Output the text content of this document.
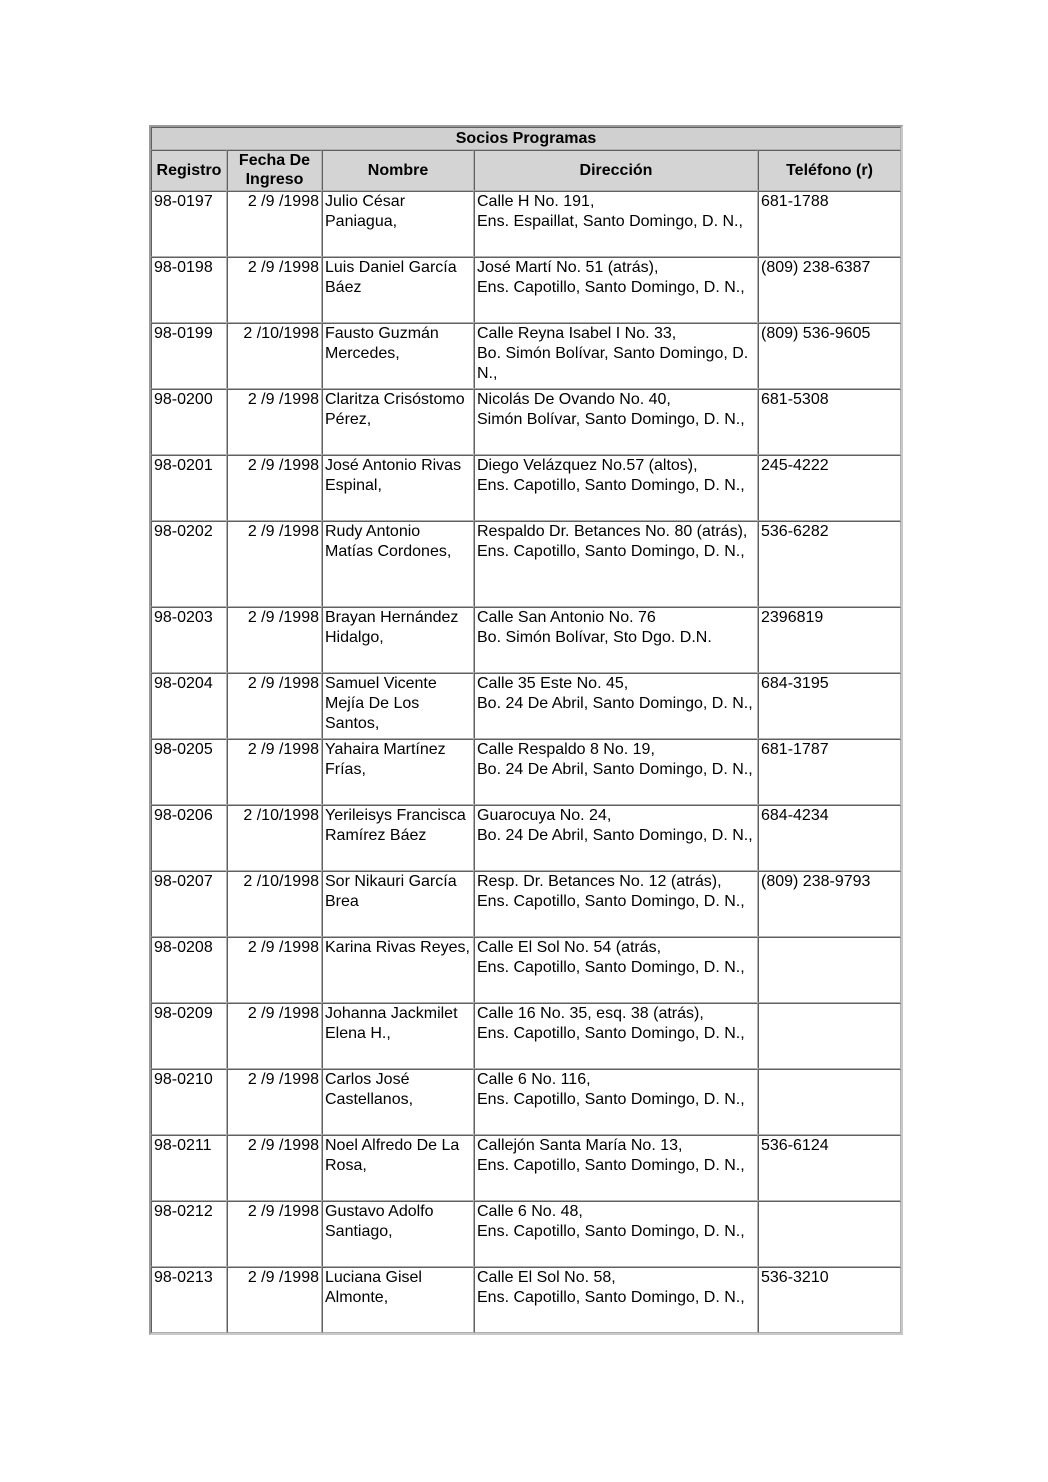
Socios Programas				
Registro	Fecha De
Ingreso	Nombre	Dirección	Teléfono (r)
98-0197	2 /9 /1998	Julio César Paniagua,	Calle H No. 191,
Ens. Espaillat, Santo Domingo, D. N.,	681-1788
98-0198	2 /9 /1998	Luis Daniel García Báez	José Martí No. 51 (atrás),
Ens. Capotillo, Santo Domingo, D. N.,	(809) 238-6387
98-0199	2 /10/1998	Fausto Guzmán Mercedes,	Calle Reyna Isabel I No. 33,
Bo. Simón Bolívar, Santo Domingo, D. N.,	(809) 536-9605
98-0200	2 /9 /1998	Claritza Crisóstomo Pérez,	Nicolás De Ovando No. 40,
Simón Bolívar, Santo Domingo, D. N.,	681-5308
98-0201	2 /9 /1998	José Antonio Rivas Espinal,	Diego Velázquez No.57 (altos),
Ens. Capotillo, Santo Domingo, D. N.,	245-4222
98-0202	2 /9 /1998	Rudy Antonio Matías Cordones,	Respaldo Dr. Betances No. 80 (atrás),
Ens. Capotillo, Santo Domingo, D. N.,	536-6282
98-0203	2 /9 /1998	Brayan Hernández Hidalgo,	Calle San Antonio No. 76
Bo. Simón Bolívar, Sto Dgo. D.N.	2396819
98-0204	2 /9 /1998	Samuel Vicente Mejía De Los Santos,	Calle 35 Este No. 45,
Bo. 24 De Abril, Santo Domingo, D. N.,	684-3195
98-0205	2 /9 /1998	Yahaira Martínez Frías,	Calle Respaldo 8 No. 19,
Bo. 24 De Abril, Santo Domingo, D. N.,	681-1787
98-0206	2 /10/1998	Yerileisys Francisca Ramírez Báez	Guarocuya No. 24,
Bo. 24 De Abril, Santo Domingo, D. N.,	684-4234
98-0207	2 /10/1998	Sor Nikauri García Brea	Resp. Dr. Betances No. 12 (atrás),
Ens. Capotillo, Santo Domingo, D. N.,	(809) 238-9793
98-0208	2 /9 /1998	Karina Rivas Reyes,	Calle El Sol No. 54 (atrás,
Ens. Capotillo, Santo Domingo, D. N.,	

98-0209	2 /9 /1998	Johanna Jackmilet Elena H.,	Calle 16 No. 35, esq. 38 (atrás),
Ens. Capotillo, Santo Domingo, D. N.,	

98-0210	2 /9 /1998	Carlos José Castellanos,	Calle 6 No. 116,
Ens. Capotillo, Santo Domingo, D. N.,	

98-0211	2 /9 /1998	Noel Alfredo De La Rosa,	Callejón Santa María No. 13,
Ens. Capotillo, Santo Domingo, D. N.,	536-6124
98-0212	2 /9 /1998	Gustavo Adolfo Santiago,	Calle 6 No. 48,
Ens. Capotillo, Santo Domingo, D. N.,	

98-0213	2 /9 /1998	Luciana Gisel Almonte,	Calle El Sol No. 58,
Ens. Capotillo, Santo Domingo, D. N.,	536-3210
